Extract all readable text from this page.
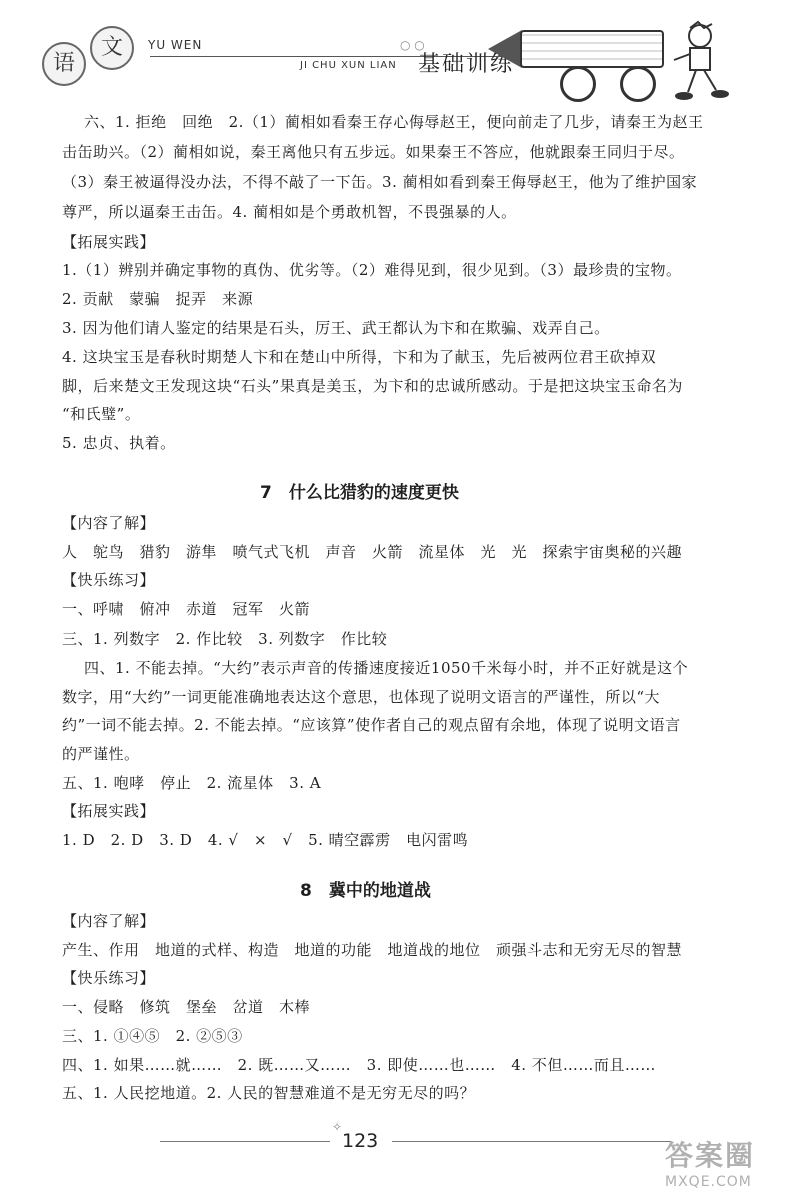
语
文	YU WEN
JI CHU XUN LIAN 基础训练
○ ○
六、1. 拒绝　回绝　2.（1）蔺相如看秦王存心侮辱赵王，便向前走了几步，请秦王为赵王
击缶助兴。（2）蔺相如说，秦王离他只有五步远。如果秦王不答应，他就跟秦王同归于尽。
（3）秦王被逼得没办法，不得不敲了一下缶。3. 蔺相如看到秦王侮辱赵王，他为了维护国家
尊严，所以逼秦王击缶。4. 蔺相如是个勇敢机智，不畏强暴的人。
【拓展实践】
1.（1）辨别并确定事物的真伪、优劣等。（2）难得见到，很少见到。（3）最珍贵的宝物。
2. 贡献　蒙骗　捉弄　来源
3. 因为他们请人鉴定的结果是石头，厉王、武王都认为卞和在欺骗、戏弄自己。
4. 这块宝玉是春秋时期楚人卞和在楚山中所得，卞和为了献玉，先后被两位君王砍掉双
脚，后来楚文王发现这块“石头”果真是美玉，为卞和的忠诚所感动。于是把这块宝玉命名为
“和氏璧”。
5. 忠贞、执着。
7　什么比猎豹的速度更快
【内容了解】
人　鸵鸟　猎豹　游隼　喷气式飞机　声音　火箭　流星体　光　光　探索宇宙奥秘的兴趣
【快乐练习】
一、呼啸　俯冲　赤道　冠军　火箭
三、1. 列数字　2. 作比较　3. 列数字　作比较
四、1. 不能去掉。“大约”表示声音的传播速度接近1050千米每小时，并不正好就是这个
数字，用“大约”一词更能准确地表达这个意思，也体现了说明文语言的严谨性，所以“大
约”一词不能去掉。2. 不能去掉。“应该算”使作者自己的观点留有余地，体现了说明文语言
的严谨性。
五、1. 咆哮　停止　2. 流星体　3. A
【拓展实践】
1. D　2. D　3. D　4. √　×　√　5. 晴空霹雳　电闪雷鸣
8　冀中的地道战
【内容了解】
产生、作用　地道的式样、构造　地道的功能　地道战的地位　顽强斗志和无穷无尽的智慧
【快乐练习】
一、侵略　修筑　堡垒　岔道　木棒
三、1. ①④⑤　2. ②⑤③
四、1. 如果……就……　2. 既……又……　3. 即使……也……　4. 不但……而且……
五、1. 人民挖地道。2. 人民的智慧难道不是无穷无尽的吗？
✧
123	答案圈
MXQE.COM
